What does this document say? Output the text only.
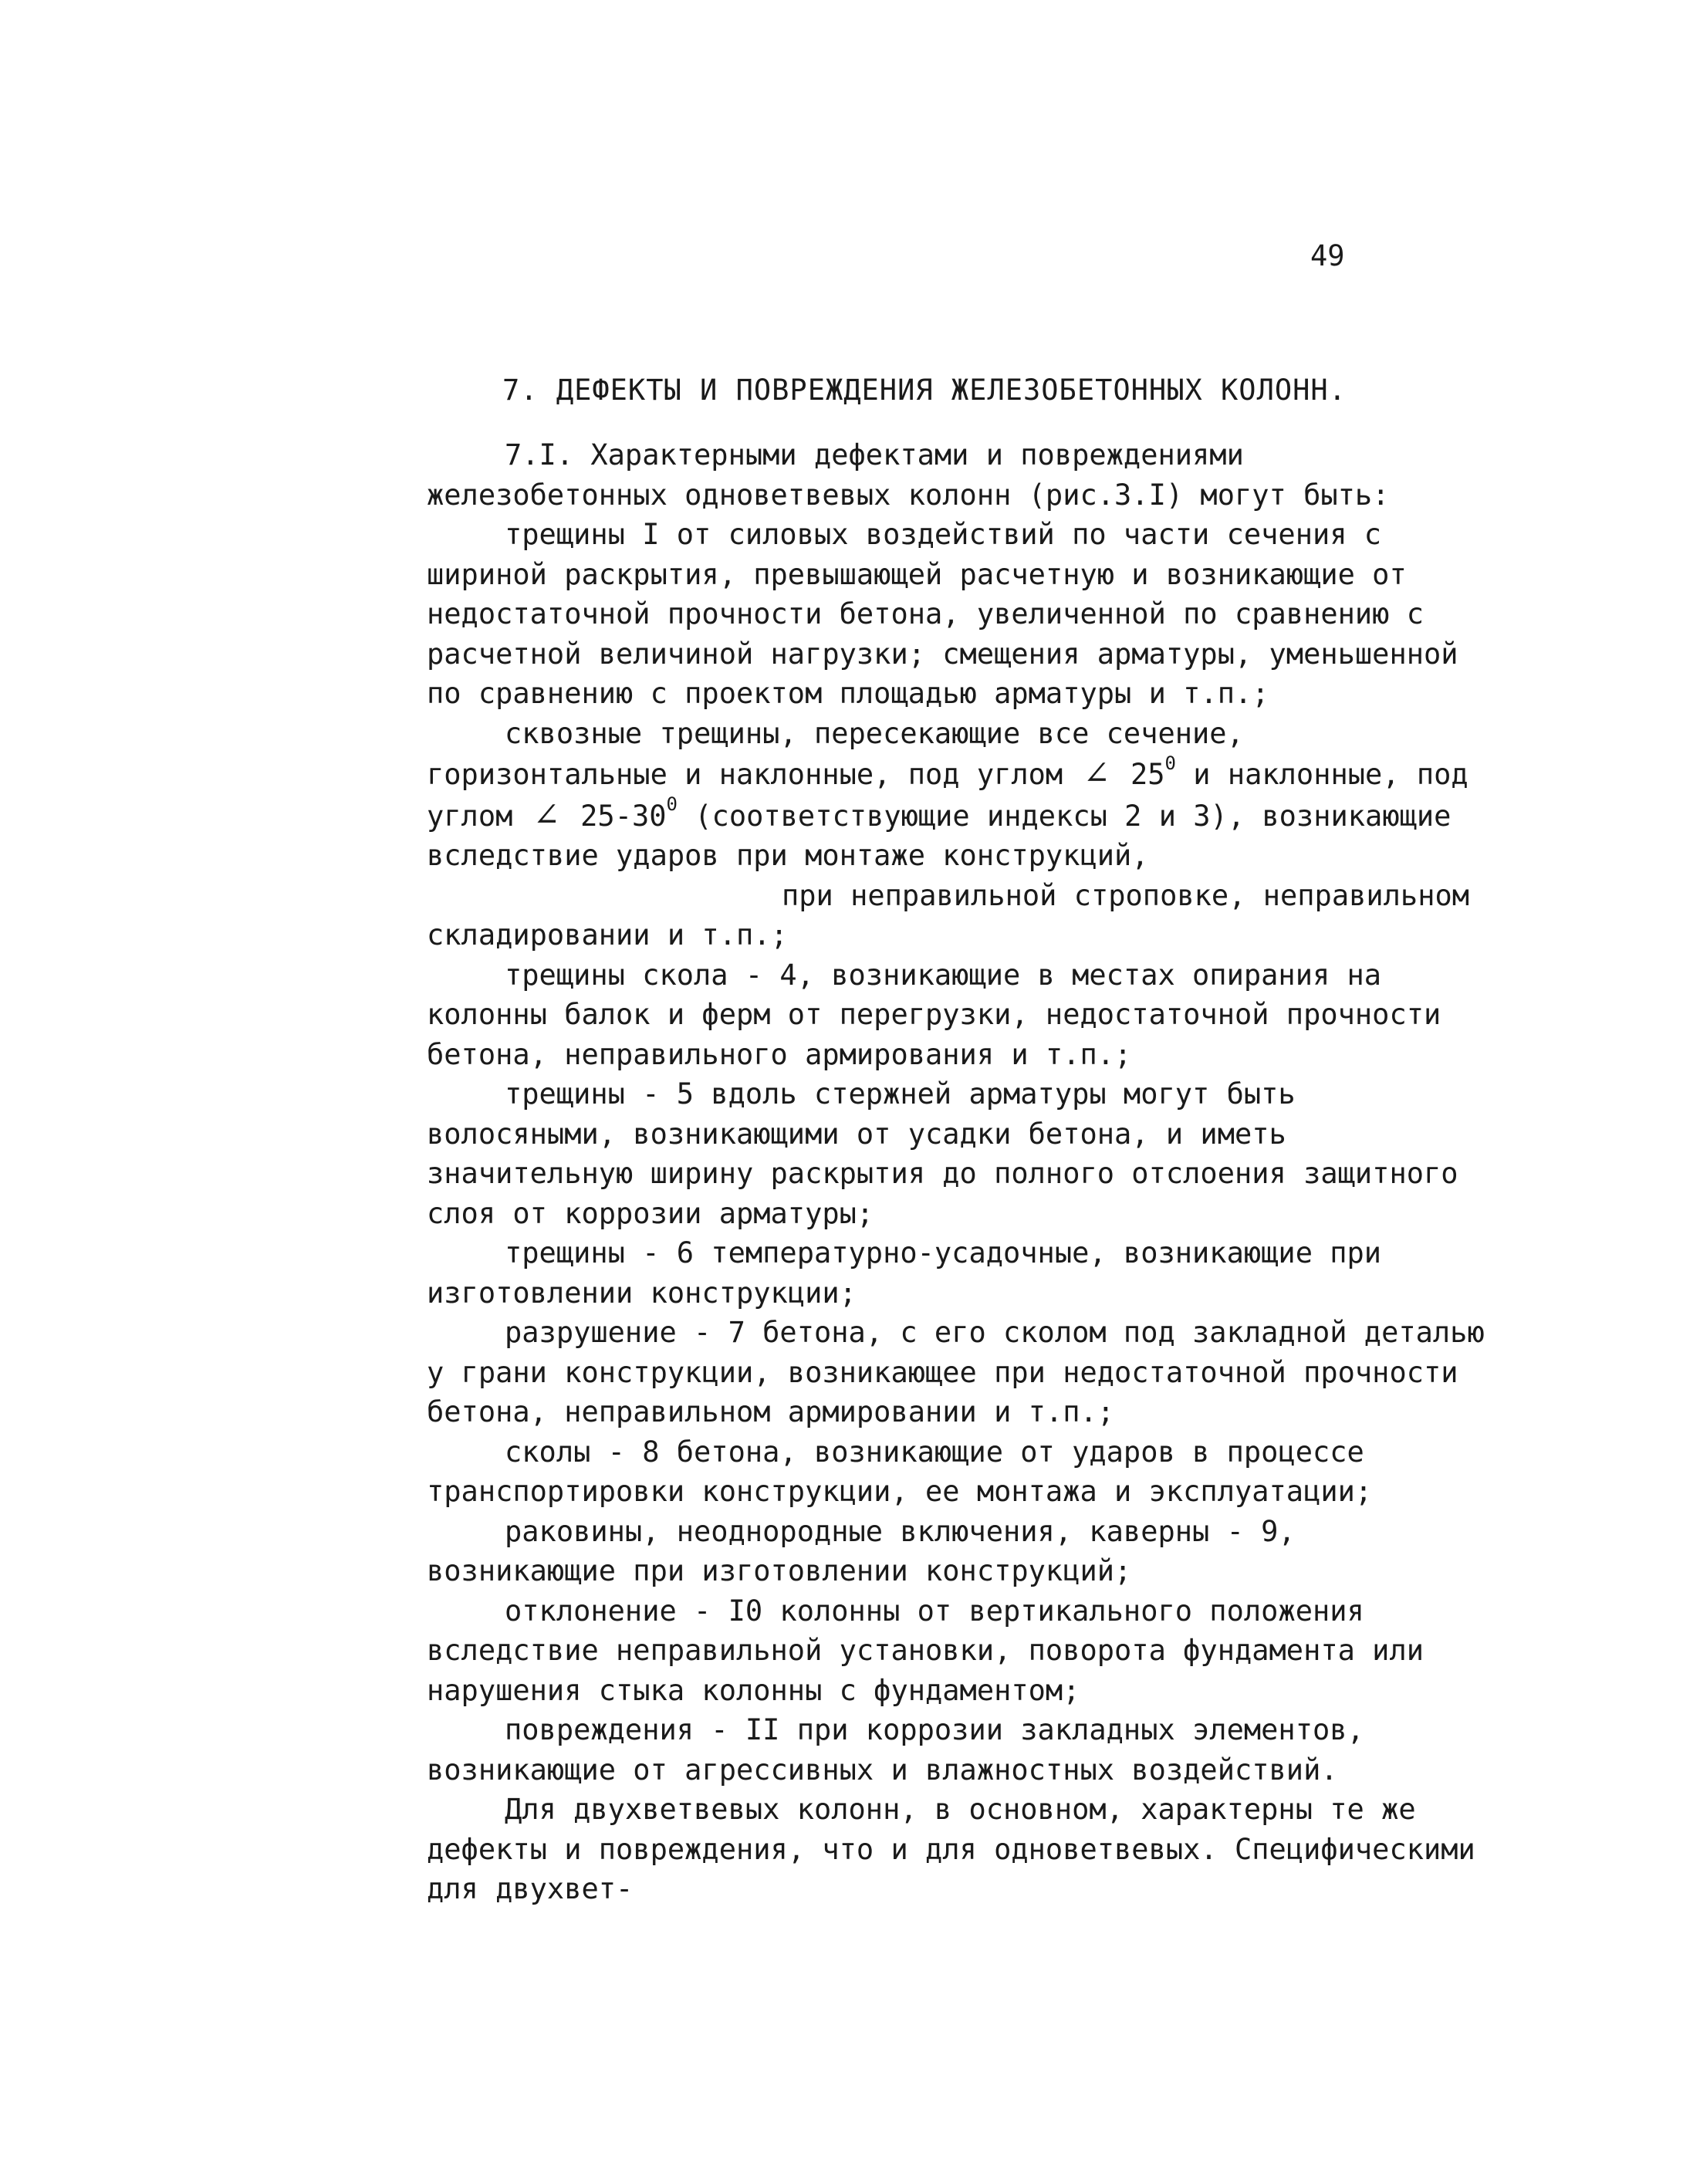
49
7. ДЕФЕКТЫ И ПОВРЕЖДЕНИЯ ЖЕЛЕЗОБЕТОННЫХ КОЛОНН.

7.I. Характерными дефектами и повреждениями железобетонных одноветвевых колонн (рис.3.I) могут быть:

трещины I от силовых воздействий по части сечения с шириной раскрытия, превышающей расчетную и возникающие от недостаточной прочности бетона, увеличенной по сравнению с расчетной величиной нагрузки; смещения арматуры, уменьшенной по сравнению с проектом площадью арматуры и т.п.;

сквозные трещины, пересекающие все сечение, горизонтальные и наклонные, под углом ∠ $25^0$ и наклонные, под углом ∠ $25-30^0$ (соответствующие индексы 2 и 3), возникающие вследствие ударов при монтаже конструкций,при неправильной строповке, неправильном складировании и т.п.;

трещины скола - 4, возникающие в местах опирания на колонны балок и ферм от перегрузки, недостаточной прочности бетона, неправильного армирования и т.п.;

трещины - 5 вдоль стержней арматуры могут быть волосяными, возникающими от усадки бетона, и иметь значительную ширину раскрытия до полного отслоения защитного слоя от коррозии арматуры;

трещины - 6 температурно-усадочные, возникающие при изготовлении конструкции;

разрушение - 7 бетона, с его сколом под закладной деталью у грани конструкции, возникающее при недостаточной прочности бетона, неправильном армировании и т.п.;

сколы - 8 бетона, возникающие от ударов в процессе транспортировки конструкции, ее монтажа и эксплуатации;

раковины, неоднородные включения, каверны - 9, возникающие при изготовлении конструкций;

отклонение - I0 колонны от вертикального положения вследствие неправильной установки, поворота фундамента или нарушения стыка колонны с фундаментом;

повреждения - II при коррозии закладных элементов, возникающие от агрессивных и влажностных воздействий.

Для двухветвевых колонн, в основном, характерны те же дефекты и повреждения, что и для одноветвевых. Специфическими для двухвет-
